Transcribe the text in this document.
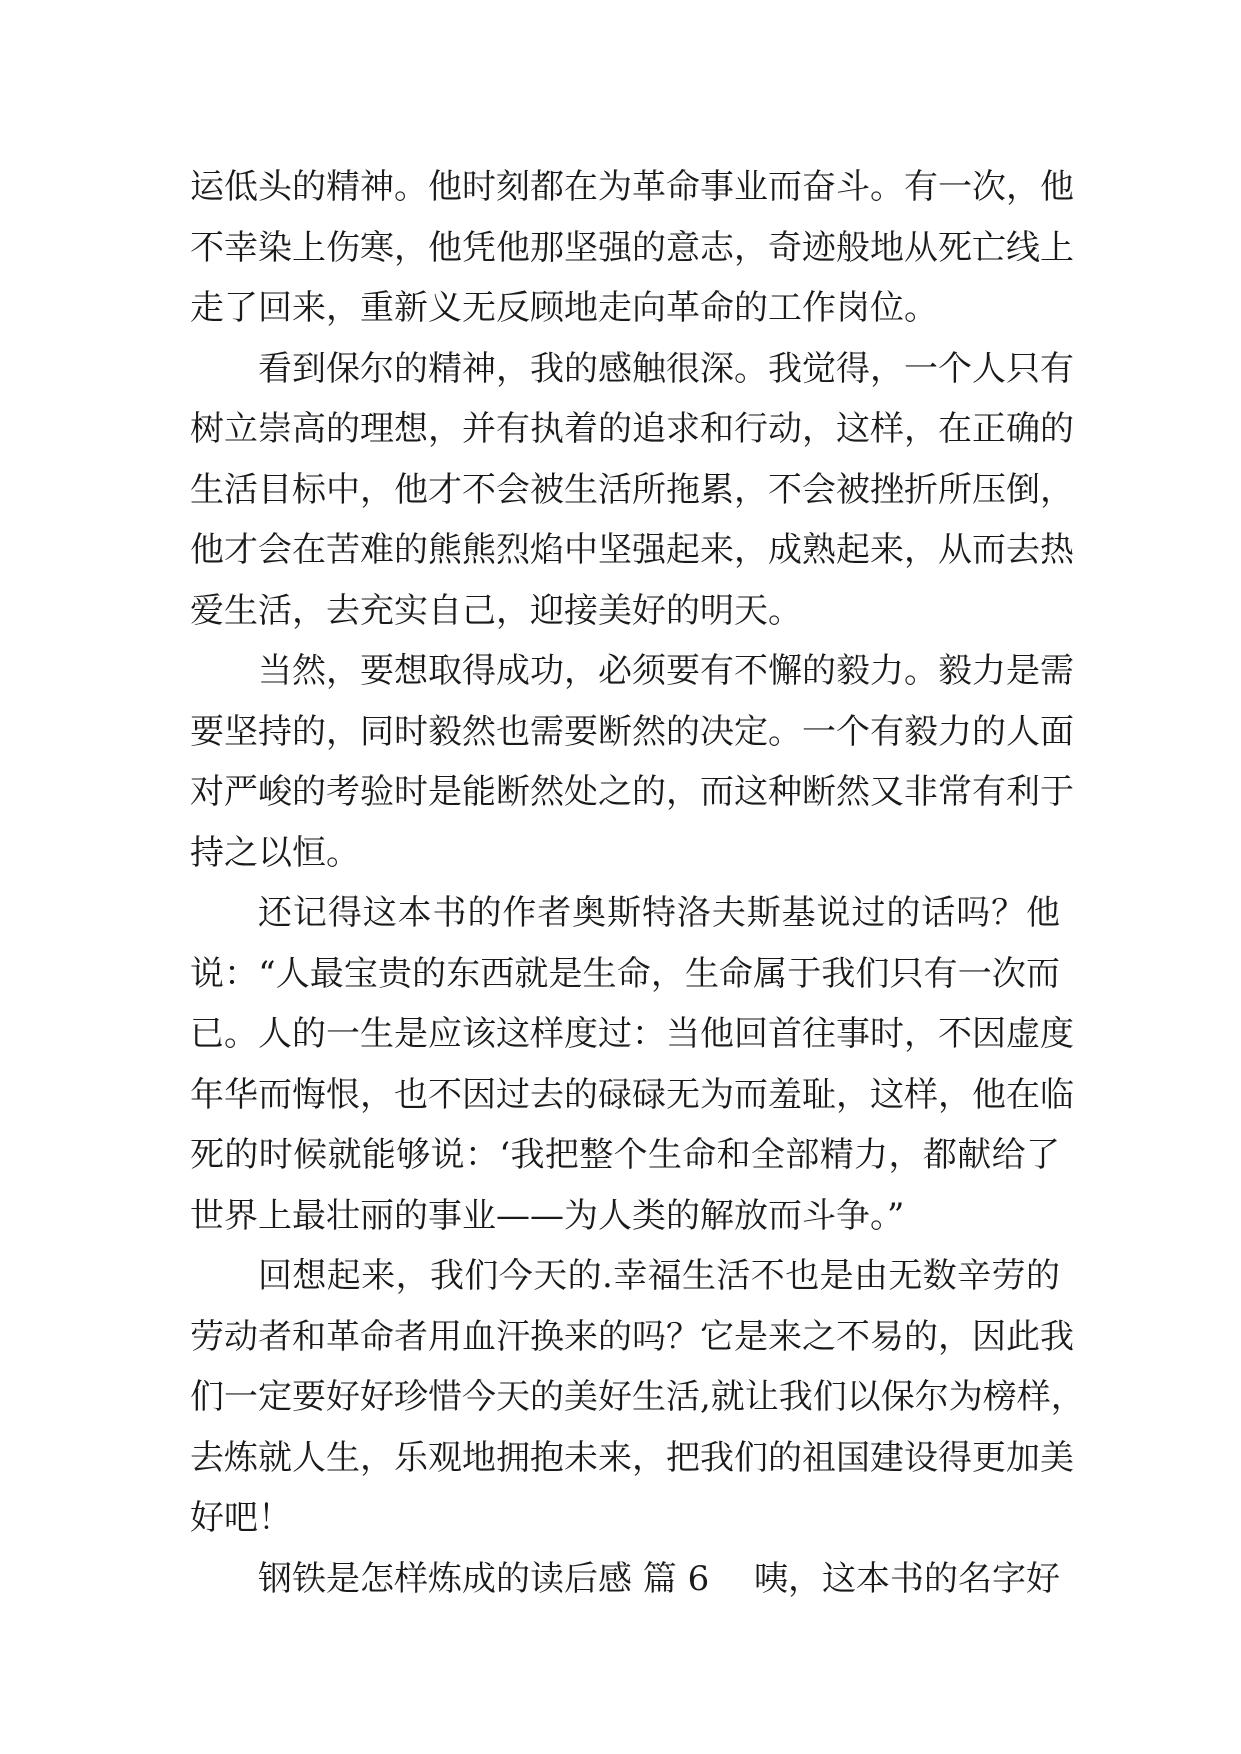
运低头的精神。他时刻都在为革命事业而奋斗。有一次，他
不幸染上伤寒，他凭他那坚强的意志，奇迹般地从死亡线上
走了回来，重新义无反顾地走向革命的工作岗位。
看到保尔的精神，我的感触很深。我觉得，一个人只有
树立崇高的理想，并有执着的追求和行动，这样，在正确的
生活目标中，他才不会被生活所拖累，不会被挫折所压倒，
他才会在苦难的熊熊烈焰中坚强起来，成熟起来，从而去热
爱生活，去充实自己，迎接美好的明天。
当然，要想取得成功，必须要有不懈的毅力。毅力是需
要坚持的，同时毅然也需要断然的决定。一个有毅力的人面
对严峻的考验时是能断然处之的，而这种断然又非常有利于
持之以恒。
还记得这本书的作者奥斯特洛夫斯基说过的话吗？他
说：“人最宝贵的东西就是生命，生命属于我们只有一次而
已。人的一生是应该这样度过：当他回首往事时，不因虚度
年华而悔恨，也不因过去的碌碌无为而羞耻，这样，他在临
死的时候就能够说：‘我把整个生命和全部精力，都献给了
世界上最壮丽的事业——为人类的解放而斗争。”
回想起来，我们今天的.幸福生活不也是由无数辛劳的
劳动者和革命者用血汗换来的吗？它是来之不易的，因此我
们一定要好好珍惜今天的美好生活,就让我们以保尔为榜样，
去炼就人生，乐观地拥抱未来，把我们的祖国建设得更加美
好吧！
钢铁是怎样炼成的读后感 篇 6 咦，这本书的名字好
